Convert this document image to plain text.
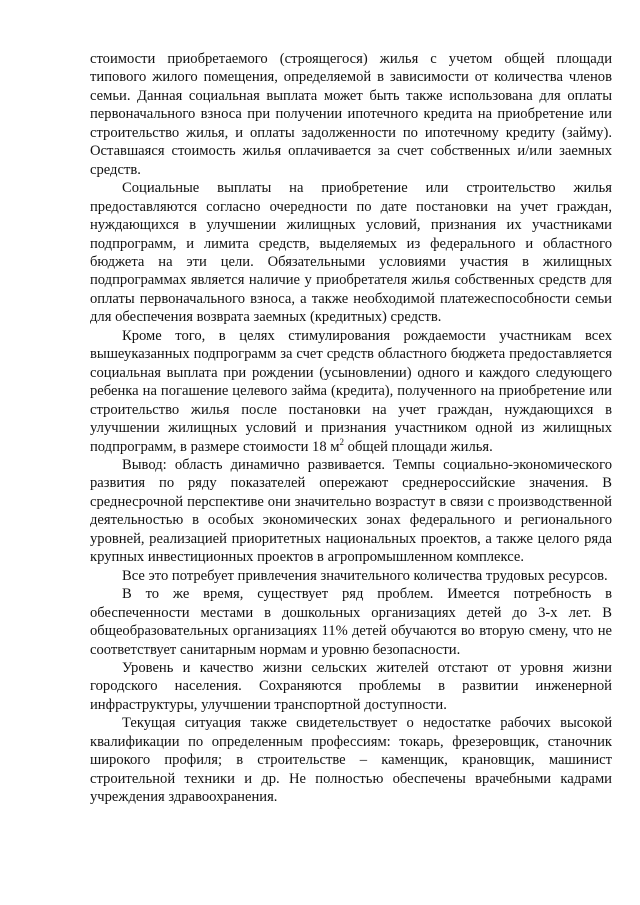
стоимости приобретаемого (строящегося) жилья с учетом общей площади типового жилого помещения, определяемой в зависимости от количества членов семьи. Данная социальная выплата может быть также использована для оплаты первоначального взноса при получении ипотечного кредита на приобретение или строительство жилья, и оплаты задолженности по ипотечному кредиту (займу). Оставшаяся стоимость жилья оплачивается за счет собственных и/или заемных средств.

Социальные выплаты на приобретение или строительство жилья предоставляются согласно очередности по дате постановки на учет граждан, нуждающихся в улучшении жилищных условий, признания их участниками подпрограмм, и лимита средств, выделяемых из федерального и областного бюджета на эти цели. Обязательными условиями участия в жилищных подпрограммах является наличие у приобретателя жилья собственных средств для оплаты первоначального взноса, а также необходимой платежеспособности семьи для обеспечения возврата заемных (кредитных) средств.

Кроме того, в целях стимулирования рождаемости участникам всех вышеуказанных подпрограмм за счет средств областного бюджета предоставляется социальная выплата при рождении (усыновлении) одного и каждого следующего ребенка на погашение целевого займа (кредита), полученного на приобретение или строительство жилья после постановки на учет граждан, нуждающихся в улучшении жилищных условий и признания участником одной из жилищных подпрограмм, в размере стоимости 18 $м^2$ общей площади жилья.

Вывод: область динамично развивается. Темпы социально-экономического развития по ряду показателей опережают среднероссийские значения. В среднесрочной перспективе они значительно возрастут в связи с производственной деятельностью в особых экономических зонах федерального и регионального уровней, реализацией приоритетных национальных проектов, а также целого ряда крупных инвестиционных проектов в агропромышленном комплексе.

Все это потребует привлечения значительного количества трудовых ресурсов.

В то же время, существует ряд проблем. Имеется потребность в обеспеченности местами в дошкольных организациях детей до 3-х лет. В общеобразовательных организациях 11% детей обучаются во вторую смену, что не соответствует санитарным нормам и уровню безопасности.

Уровень и качество жизни сельских жителей отстают от уровня жизни городского населения. Сохраняются проблемы в развитии инженерной инфраструктуры, улучшении транспортной доступности.

Текущая ситуация также свидетельствует о недостатке рабочих высокой квалификации по определенным профессиям: токарь, фрезеровщик, станочник широкого профиля; в строительстве – каменщик, крановщик, машинист строительной техники и др. Не полностью обеспечены врачебными кадрами учреждения здравоохранения.
